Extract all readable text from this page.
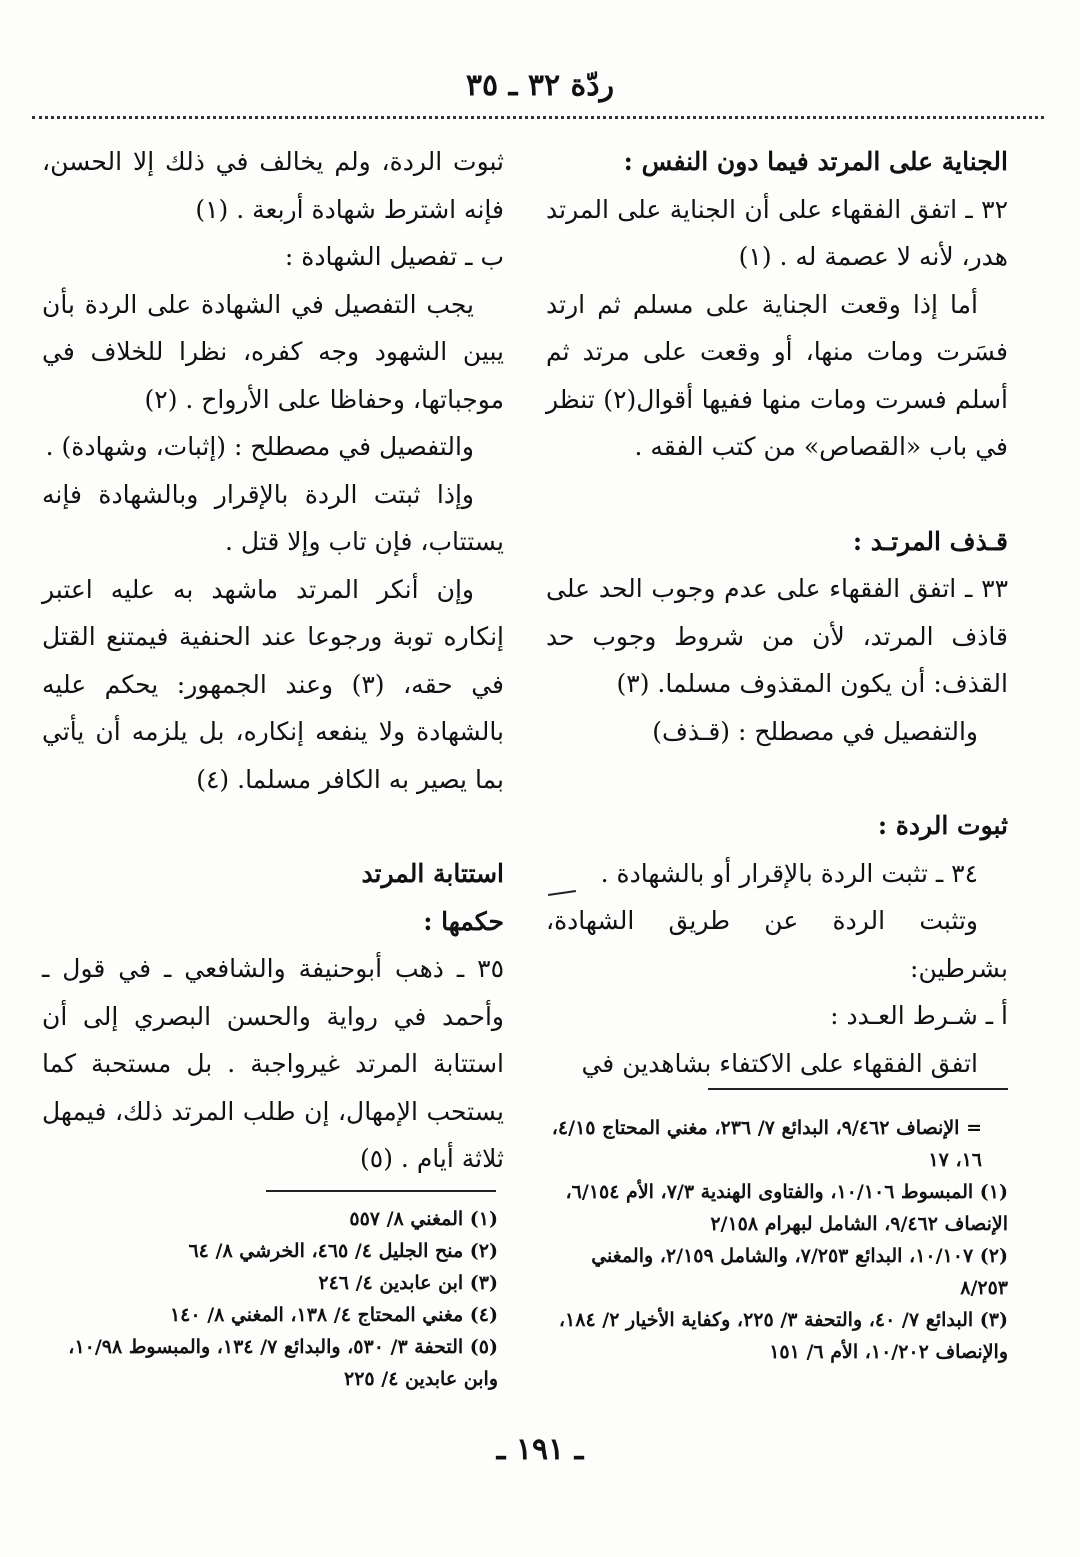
ردّة ٣٢ ـ ٣٥

الجناية على المرتد فيما دون النفس :

٣٢ ـ اتفق الفقهاء على أن الجناية على المرتد هدر، لأنه لا عصمة له . (١)

أما إذا وقعت الجناية على مسلم ثم ارتد فسَرت ومات منها، أو وقعت على مرتد ثم أسلم فسرت ومات منها ففيها أقوال(٢) تنظر في باب «القصاص» من كتب الفقه .

قـذف المرتـد :

٣٣ ـ اتفق الفقهاء على عدم وجوب الحد على قاذف المرتد، لأن من شروط وجوب حد القذف: أن يكون المقذوف مسلما. (٣)

والتفصيل في مصطلح : (قـذف)

ثبوت الردة :

٣٤ ـ تثبت الردة بالإقرار أو بالشهادة .

وتثبت الردة عن طريق الشهادة، بشرطين:

أ ـ شـرط العـدد :

اتفق الفقهاء على الاكتفاء بشاهدين في

ثبوت الردة، ولم يخالف في ذلك إلا الحسن، فإنه اشترط شهادة أربعة . (١)

ب ـ تفصيل الشهادة :

يجب التفصيل في الشهادة على الردة بأن يبين الشهود وجه كفره، نظرا للخلاف في موجباتها، وحفاظا على الأرواح . (٢)

والتفصيل في مصطلح : (إثبات، وشهادة) .

وإذا ثبتت الردة بالإقرار وبالشهادة فإنه يستتاب، فإن تاب وإلا قتل .

وإن أنكر المرتد ماشهد به عليه اعتبر إنكاره توبة ورجوعا عند الحنفية فيمتنع القتل في حقه، (٣) وعند الجمهور: يحكم عليه بالشهادة ولا ينفعه إنكاره، بل يلزمه أن يأتي بما يصير به الكافر مسلما. (٤)

استتابة المرتد

حكمها :

٣٥ ـ ذهب أبوحنيفة والشافعي ـ في قول ـ وأحمد في رواية والحسن البصري إلى أن استتابة المرتد غيرواجبة . بل مستحبة كما يستحب الإمهال، إن طلب المرتد ذلك، فيمهل ثلاثة أيام . (٥)

= الإنصاف ٩/٤٦٢، البدائع ٧/ ٢٣٦، مغني المحتاج ٤/١٥، ١٦، ١٧

(١) المبسوط ١٠/١٠٦، والفتاوى الهندية ٧/٣، الأم ٦/١٥٤، الإنصاف ٩/٤٦٢، الشامل لبهرام ٢/١٥٨

(٢) ١٠/١٠٧، البدائع ٧/٢٥٣، والشامل ٢/١٥٩، والمغني ٨/٢٥٣

(٣) البدائع ٧/ ٤٠، والتحفة ٣/ ٢٢٥، وكفاية الأخيار ٢/ ١٨٤، والإنصاف ١٠/٢٠٢، الأم ٦/ ١٥١

(١) المغني ٨/ ٥٥٧

(٢) منح الجليل ٤/ ٤٦٥، الخرشي ٨/ ٦٤

(٣) ابن عابدين ٤/ ٢٤٦

(٤) مغني المحتاج ٤/ ١٣٨، المغني ٨/ ١٤٠

(٥) التحفة ٣/ ٥٣٠، والبدائع ٧/ ١٣٤، والمبسوط ١٠/٩٨، وابن عابدين ٤/ ٢٢٥

ـ ١٩١ ـ
